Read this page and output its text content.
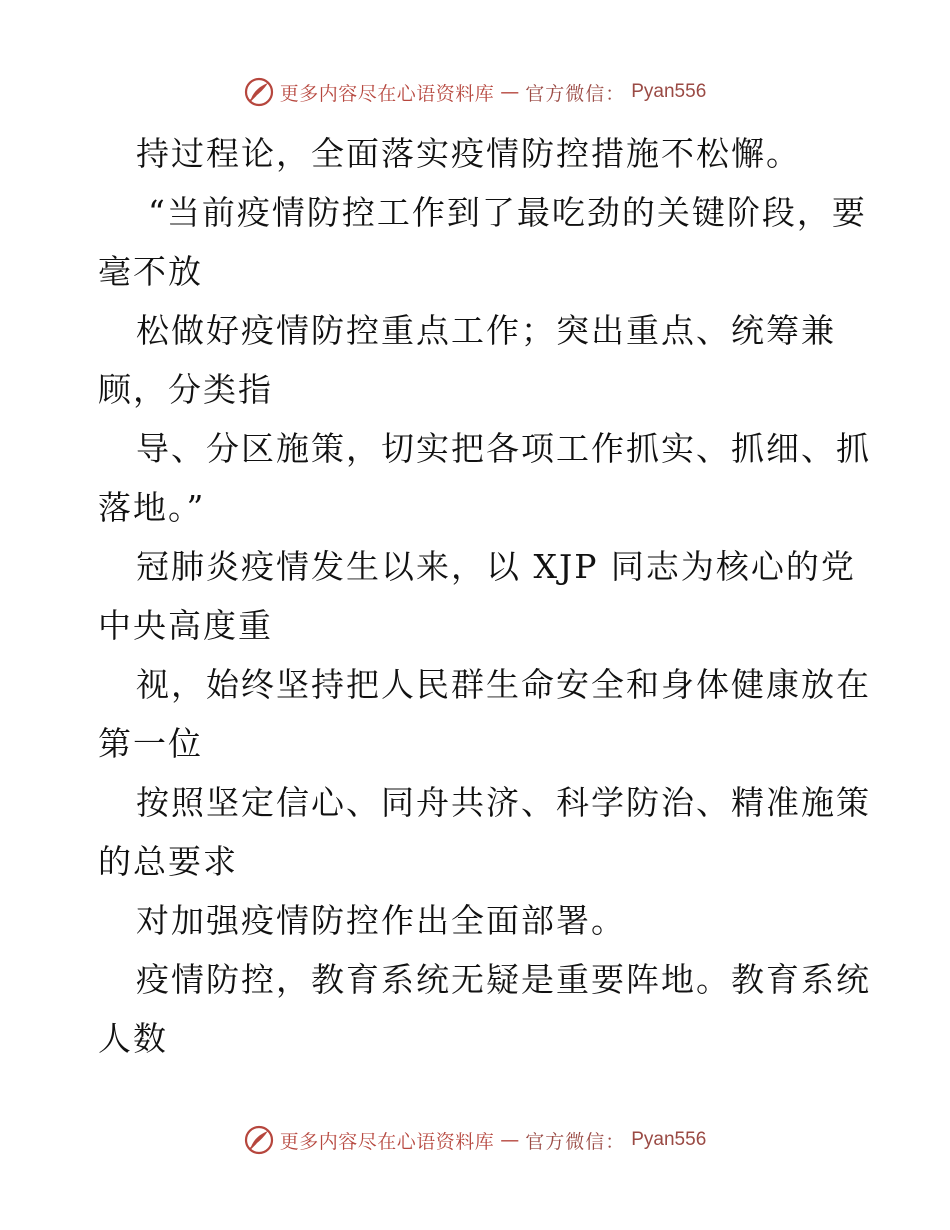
更多内容尽在心语资料库 — 官方微信： Pyan556
持过程论，全面落实疫情防控措施不松懈。
“当前疫情防控工作到了最吃劲的关键阶段，要
毫不放
松做好疫情防控重点工作；突出重点、统筹兼
顾，分类指
导、分区施策，切实把各项工作抓实、抓细、抓
落地。”
冠肺炎疫情发生以来，以 XJP 同志为核心的党
中央高度重
视，始终坚持把人民群生命安全和身体健康放在
第一位
按照坚定信心、同舟共济、科学防治、精准施策
的总要求
对加强疫情防控作出全面部署。
疫情防控，教育系统无疑是重要阵地。教育系统
人数
更多内容尽在心语资料库 — 官方微信： Pyan556
